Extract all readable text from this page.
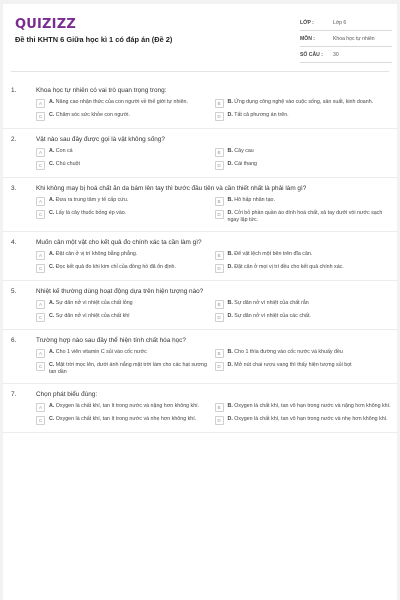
QUIZIZZ
Đề thi KHTN 6 Giữa học kì 1 có đáp án (Đề 2)
LỚP :	Lớp 6
MÔN :	Khoa học tự nhiên
SỐ CÂU :	30
1.	Khoa học tự nhiên có vai trò quan trọng trong:
A	A. Nâng cao nhận thức của con người về thế giới tự nhiên.	B	B. Ứng dụng công nghệ vào cuộc sống, sản xuất, kinh doanh.
C	C. Chăm sóc sức khỏe con người.	D	D. Tất cả phương án trên.
2.	Vật nào sau đây được gọi là vật không sống?
A	A. Con cá	B	B. Cây cau
C	C. Chú chuột	D	D. Cái thang
3.	Khi không may bị hoá chất ăn da bám lên tay thì bước đầu tiên và cần thiết nhất là phải làm gì?
A	A. Đưa ra trung tâm y tế cấp cứu.	B	B. Hô hấp nhân tạo.
C	C. Lấy lá cây thuốc bỏng ép vào.	D	D. Cởi bỏ phần quần áo dính hoá chất, xả tay dưới vòi nước sạch ngay lập tức.
4.	Muốn cân một vật cho kết quả đo chính xác ta cần làm gì?
A	A. Đặt cân ở vị trí không bằng phẳng.	B	B. Để vật lệch một bên trên đĩa cân.
C	C. Đọc kết quả đo khi kim chỉ của đồng hồ đã ổn định.	D	D. Đặt cân ở mọi vị trí đều cho kết quả chính xác.
5.	Nhiệt kế thường dùng hoạt động dựa trên hiện tượng nào?
A	A. Sự dãn nở vì nhiệt của chất lỏng	B	B. Sự dãn nở vì nhiệt của chất rắn
C	C. Sự dãn nở vì nhiệt của chất khí	D	D. Sự dãn nở vì nhiệt của các chất.
6.	Trường hợp nào sau đây thể hiện tính chất hóa học?
A	A. Cho 1 viên vitamin C sủi vào cốc nước	B	B. Cho 1 thìa đường vào cốc nước và khuấy đều
C	C. Mặt trời mọc lên, dưới ánh nắng mặt trời làm cho các hạt sương tan dần
D	D. Mở nút chai rượu vang thì thấy hiện tượng sủi bọt
7.	Chọn phát biểu đúng:
A	A. Oxygen là chất khí, tan ít trong nước và nặng hơn không khí.	B	B. Oxygen là chất khí, tan vô hạn trong nước và nặng hơn không khí.
C	C. Oxygen là chất khí, tan ít trong nước và nhẹ hơn không khí.	D	D. Oxygen là chất khí, tan vô hạn trong nước và nhẹ hơn không khí.
